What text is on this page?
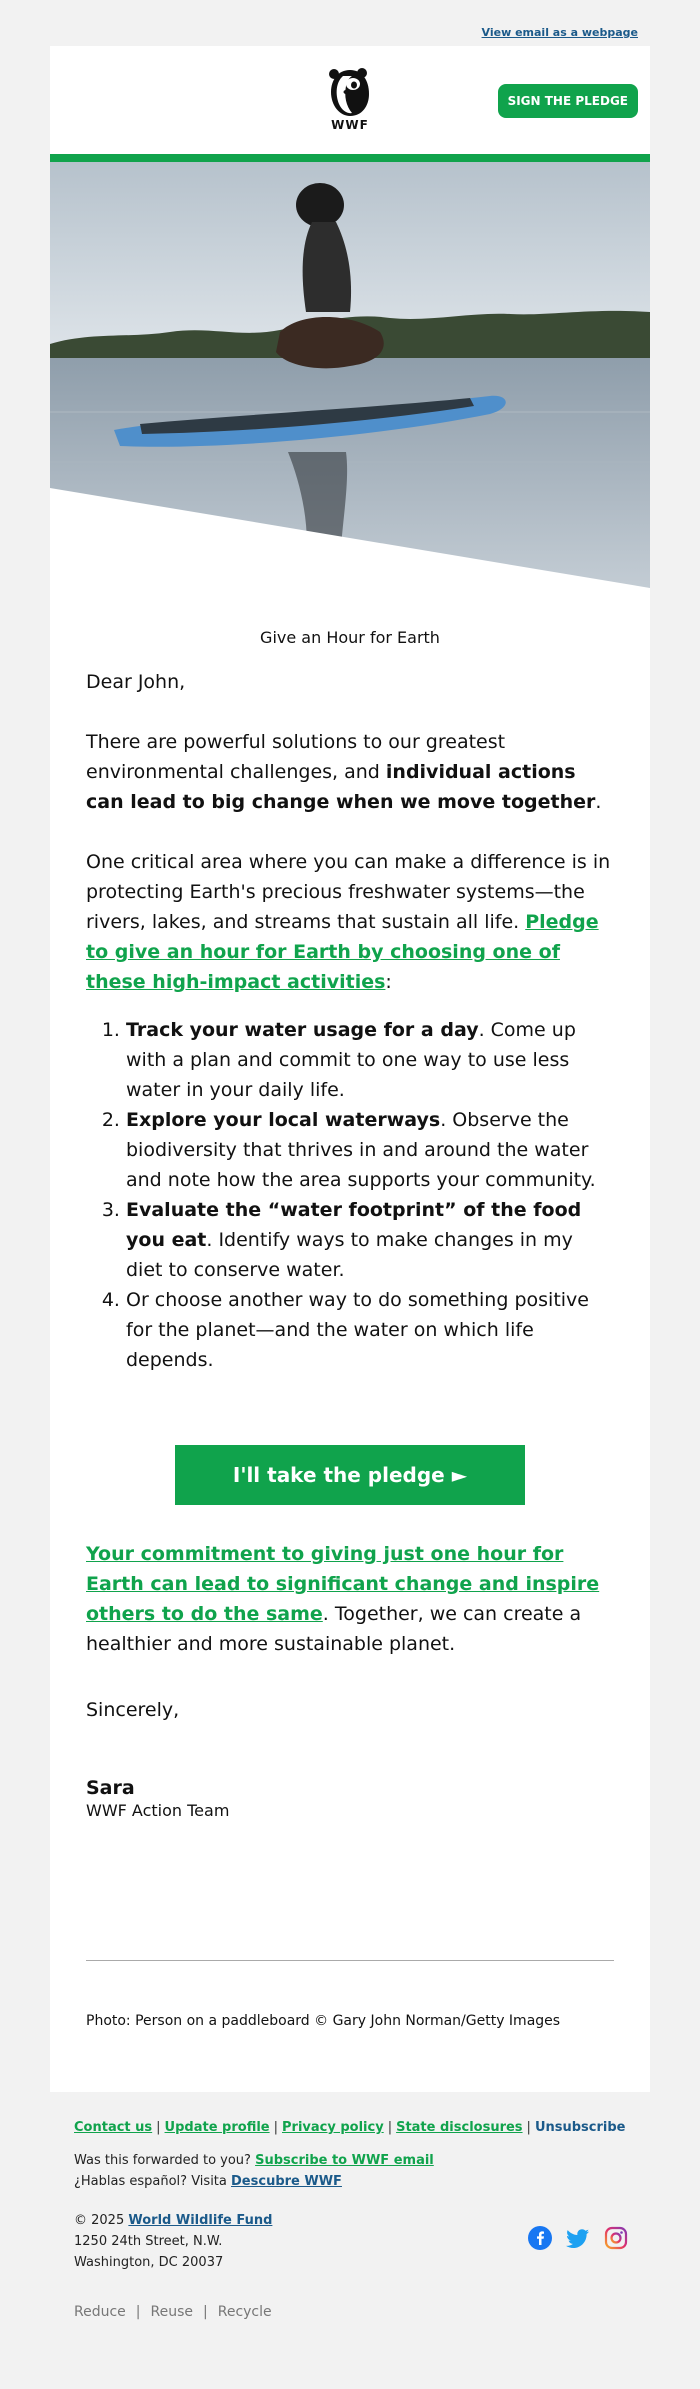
View email as a webpage
WWF
SIGN THE PLEDGE
Give an Hour for Earth

Dear John,

There are powerful solutions to our greatest environmental challenges, and individual actions can lead to big change when we move together.

One critical area where you can make a difference is in protecting Earth's precious freshwater systems—the rivers, lakes, and streams that sustain all life. Pledge to give an hour for Earth by choosing one of these high-impact activities:

1. Track your water usage for a day. Come up with a plan and commit to one way to use less water in your daily life.
2. Explore your local waterways. Observe the biodiversity that thrives in and around the water and note how the area supports your community.
3. Evaluate the “water footprint” of the food you eat. Identify ways to make changes in my diet to conserve water.
4. Or choose another way to do something positive for the planet—and the water on which life depends.
I'll take the pledge ►

Your commitment to giving just one hour for Earth can lead to significant change and inspire others to do the same. Together, we can create a healthier and more sustainable planet.

Sincerely,

Sara
WWF Action Team
Photo: Person on a paddleboard © Gary John Norman/Getty Images
Contact us | Update profile | Privacy policy | State disclosures | Unsubscribe
Was this forwarded to you? Subscribe to WWF email
¿Hablas español? Visita Descubre WWF
© 2025 World Wildlife Fund
1250 24th Street, N.W.
Washington, DC 20037
Reduce | Reuse | Recycle
